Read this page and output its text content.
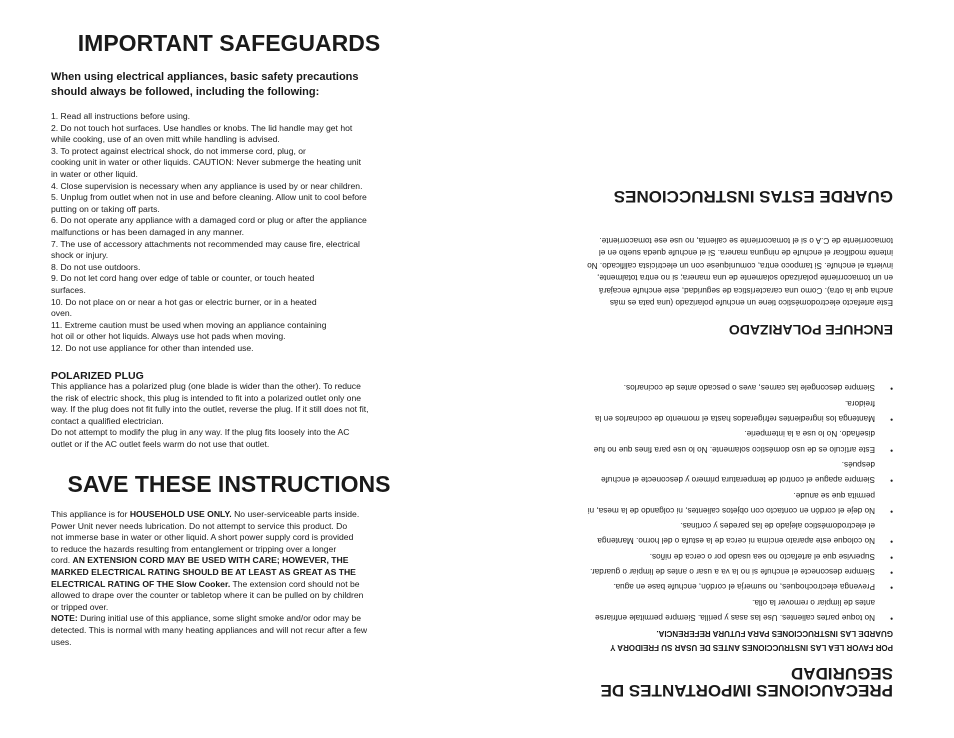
IMPORTANT SAFEGUARDS
When using electrical appliances, basic safety precautions
should always be followed, including the following:
1. Read all instructions before using.
2. Do not touch hot surfaces. Use handles or knobs. The lid handle may get hot
while cooking, use of an oven mitt while handling is advised.
3. To protect against electrical shock, do not immerse cord, plug, or
cooking unit in water or other liquids. CAUTION: Never submerge the heating unit
in water or other liquid.
4. Close supervision is necessary when any appliance is used by or near children.
5. Unplug from outlet when not in use and before cleaning. Allow unit to cool before
putting on or taking off parts.
6. Do not operate any appliance with a damaged cord or plug or after the appliance
malfunctions or has been damaged in any manner.
7. The use of accessory attachments not recommended may cause fire, electrical
shock or injury.
8. Do not use outdoors.
9. Do not let cord hang over edge of table or counter, or touch heated
surfaces.
10. Do not place on or near a hot gas or electric burner, or in a heated
oven.
11. Extreme caution must be used when moving an appliance containing
hot oil or other hot liquids. Always use hot pads when moving.
12. Do not use appliance for other than intended use.
POLARIZED PLUG
This appliance has a polarized plug (one blade is wider than the other). To reduce
the risk of electric shock, this plug is intended to fit into a polarized outlet only one
way. If the plug does not fit fully into the outlet, reverse the plug. If it still does not fit,
contact a qualified electrician.
Do not attempt to modify the plug in any way. If the plug fits loosely into the AC
outlet or if the AC outlet feels warm do not use that outlet.
SAVE THESE INSTRUCTIONS
This appliance is for HOUSEHOLD USE ONLY. No user-serviceable parts inside.
Power Unit never needs lubrication. Do not attempt to service this product. Do
not immerse base in water or other liquid. A short power supply cord is provided
to reduce the hazards resulting from entanglement or tripping over a longer
cord. AN EXTENSION CORD MAY BE USED WITH CARE; HOWEVER, THE
MARKED ELECTRICAL RATING SHOULD BE AT LEAST AS GREAT AS THE
ELECTRICAL RATING OF THE Slow Cooker. The extension cord should not be
allowed to drape over the counter or tabletop where it can be pulled on by children
or tripped over.
NOTE: During initial use of this appliance, some slight smoke and/or odor may be
detected. This is normal with many heating appliances and will not recur after a few
uses.
PRECAUCIONES IMPORTANTES DE
SEGURIDAD
POR FAVOR LEA LAS INSTRUCCIONES ANTES DE USAR SU FREIDORA Y
GUARDE LAS INSTRUCCIONES PARA FUTURA REFERENCIA.
•
No toque partes calientes. Use las asas y perilla. Siempre permitale enfriarse
antes de limpiar o remover la olla.
•
Prevenga electrochoques, no sumerja el cordón, enchufe base en agua.
•
Siempre desconecte el enchufe si no la va a usar o antes de limpiar o guardar.
•
Supervise que el artefacto no sea usado por o cerca de niños.
•
No coloque este aparato encima ni cerca de la estufa o del horno. Mantenga
el electrodoméstico alejado de las paredes y cortinas.
•
No deje el cordón en contacto con objetos calientes, ni colgando de la mesa, ni
permita que se anude.
•
Siempre apague el control de temperatura primero y desconecte el enchufe
después.
•
Este artículo es de uso doméstico solamente. No lo use para fines que no fue
diseñado. No lo use a la intemperie.
•
Mantenga los ingredientes refrigerados hasta el momento de cocinarlos en la
freidora.
•
Siempre descongele las carnes, aves o pescado antes de cocinarlos.
ENCHUFE POLARIZADO
Este artefacto electrodoméstico tiene un enchufe polarizado (una pata es más
ancha que la otra). Como una característica de seguridad, este enchufe encajará
en un tomacorriente polarizado solamente de una manera; si no entra totalmente,
invierta el enchufe. Si tampoco entra, comuníquese con un electricista calificado. No
intente modificar el enchufe de ninguna manera. Si el enchufe queda suelto en el
tomacorriente de C.A o si el tomacorriente se calienta, no use ese tomacorriente.
GUARDE ESTAS INSTRUCCIONES
